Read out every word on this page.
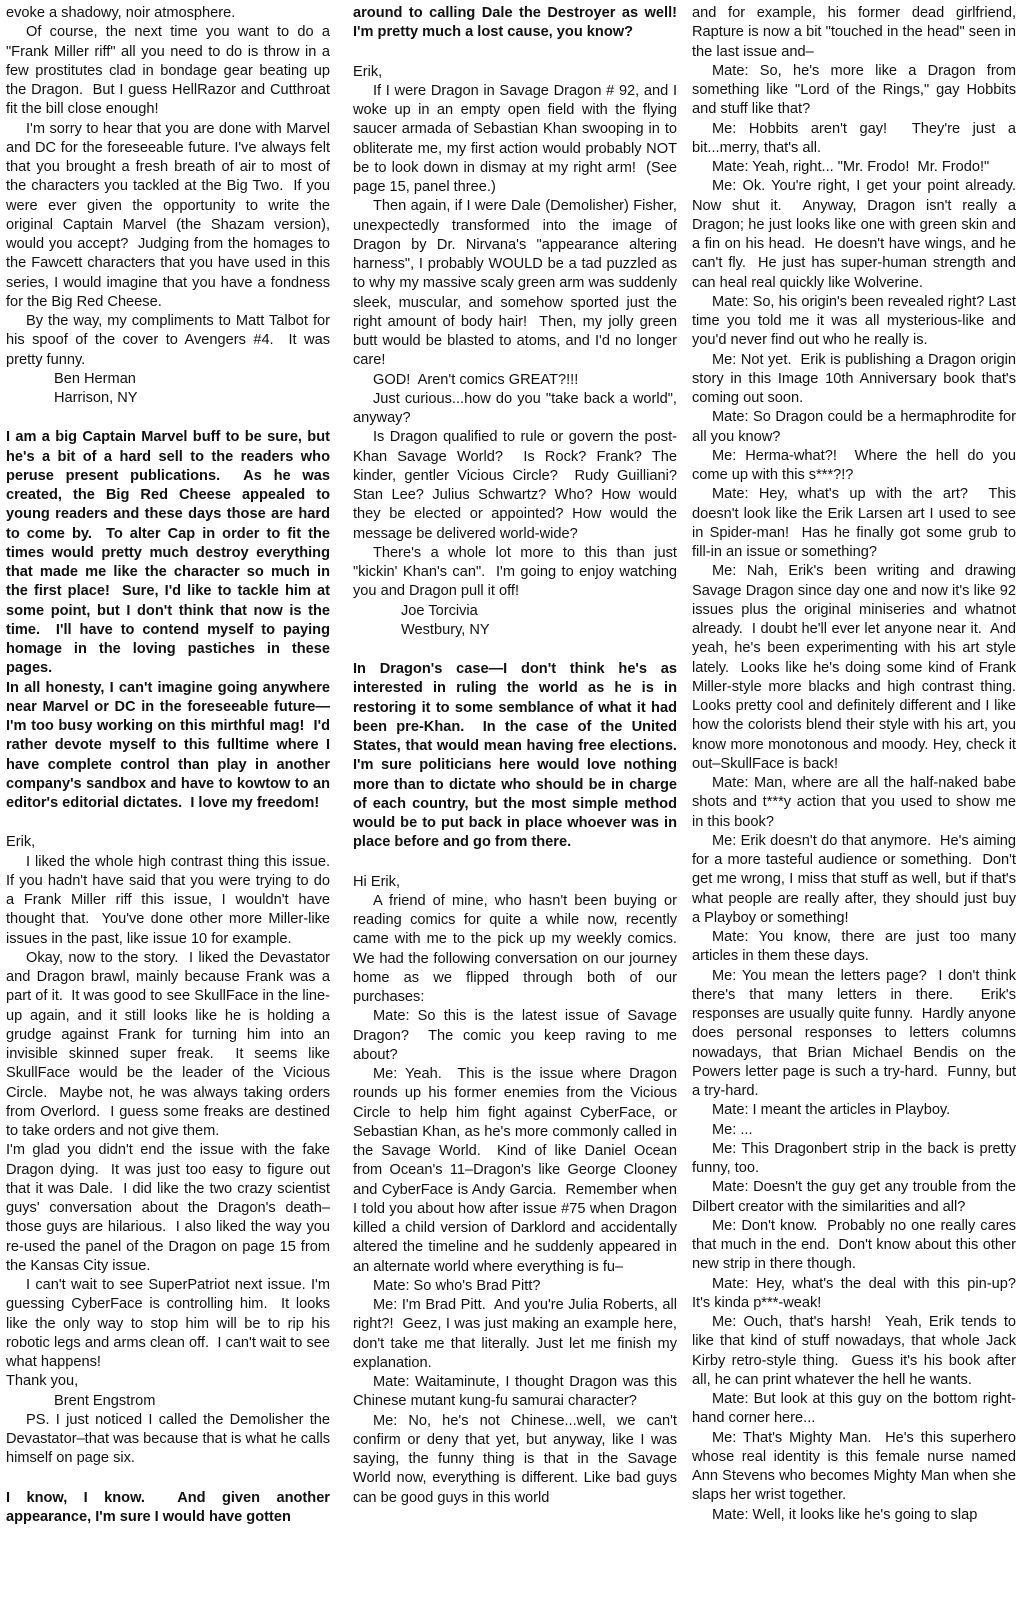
evoke a shadowy, noir atmosphere.

Of course, the next time you want to do a "Frank Miller riff" all you need to do is throw in a few prostitutes clad in bondage gear beating up the Dragon.  But I guess HellRazor and Cutthroat fit the bill close enough!

I'm sorry to hear that you are done with Marvel and DC for the foreseeable future. I've always felt that you brought a fresh breath of air to most of the characters you tackled at the Big Two.  If you were ever given the opportunity to write the original Captain Marvel (the Shazam version), would you accept?  Judging from the homages to the Fawcett characters that you have used in this series, I would imagine that you have a fondness for the Big Red Cheese.

By the way, my compliments to Matt Talbot for his spoof of the cover to Avengers #4.  It was pretty funny.

Ben Herman

Harrison, NY

I am a big Captain Marvel buff to be sure, but he's a bit of a hard sell to the readers who peruse present publications.  As he was created, the Big Red Cheese appealed to young readers and these days those are hard to come by.  To alter Cap in order to fit the times would pretty much destroy everything that made me like the character so much in the first place!  Sure, I'd like to tackle him at some point, but I don't think that now is the time.  I'll have to contend myself to paying homage in the loving pastiches in these pages.

In all honesty, I can't imagine going anywhere near Marvel or DC in the foreseeable future—I'm too busy working on this mirthful mag!  I'd rather devote myself to this fulltime where I have complete control than play in another company's sandbox and have to kowtow to an editor's editorial dictates.  I love my freedom!

Erik,

I liked the whole high contrast thing this issue.  If you hadn't have said that you were trying to do a Frank Miller riff this issue, I wouldn't have thought that.  You've done other more Miller-like issues in the past, like issue 10 for example.

Okay, now to the story.  I liked the Devastator and Dragon brawl, mainly because Frank was a part of it.  It was good to see SkullFace in the line-up again, and it still looks like he is holding a grudge against Frank for turning him into an invisible skinned super freak.  It seems like SkullFace would be the leader of the Vicious Circle.  Maybe not, he was always taking orders from Overlord.  I guess some freaks are destined to take orders and not give them.

I'm glad you didn't end the issue with the fake Dragon dying.  It was just too easy to figure out that it was Dale.  I did like the two crazy scientist guys' conversation about the Dragon's death–those guys are hilarious.  I also liked the way you re-used the panel of the Dragon on page 15 from the Kansas City issue.

I can't wait to see SuperPatriot next issue. I'm guessing CyberFace is controlling him.  It looks like the only way to stop him will be to rip his robotic legs and arms clean off.  I can't wait to see what happens!

Thank you,

Brent Engstrom

PS. I just noticed I called the Demolisher the Devastator–that was because that is what he calls himself on page six.

I know, I know.  And given another appearance, I'm sure I would have gotten

around to calling Dale the Destroyer as well! I'm pretty much a lost cause, you know?

Erik,

If I were Dragon in Savage Dragon # 92, and I woke up in an empty open field with the flying saucer armada of Sebastian Khan swooping in to obliterate me, my first action would probably NOT be to look down in dismay at my right arm!  (See page 15, panel three.)

Then again, if I were Dale (Demolisher) Fisher, unexpectedly transformed into the image of Dragon by Dr. Nirvana's "appearance altering harness", I probably WOULD be a tad puzzled as to why my massive scaly green arm was suddenly sleek, muscular, and somehow sported just the right amount of body hair!  Then, my jolly green butt would be blasted to atoms, and I'd no longer care!

GOD!  Aren't comics GREAT?!!!

Just curious...how do you "take back a world", anyway?

Is Dragon qualified to rule or govern the post-Khan Savage World?  Is Rock? Frank? The kinder, gentler Vicious Circle?  Rudy Guilliani? Stan Lee? Julius Schwartz? Who? How would they be elected or appointed? How would the message be delivered world-wide?

There's a whole lot more to this than just "kickin' Khan's can".  I'm going to enjoy watching you and Dragon pull it off!

Joe Torcivia

Westbury, NY

In Dragon's case—I don't think he's as interested in ruling the world as he is in restoring it to some semblance of what it had been pre-Khan.  In the case of the United States, that would mean having free elections.  I'm sure politicians here would love nothing more than to dictate who should be in charge of each country, but the most simple method would be to put back in place whoever was in place before and go from there.

Hi Erik,

A friend of mine, who hasn't been buying or reading comics for quite a while now, recently came with me to the pick up my weekly comics.  We had the following conversation on our journey home as we flipped through both of our purchases:

Mate: So this is the latest issue of Savage Dragon?  The comic you keep raving to me about?

Me: Yeah.  This is the issue where Dragon rounds up his former enemies from the Vicious Circle to help him fight against CyberFace, or Sebastian Khan, as he's more commonly called in the Savage World.  Kind of like Daniel Ocean from Ocean's 11–Dragon's like George Clooney and CyberFace is Andy Garcia.  Remember when I told you about how after issue #75 when Dragon killed a child version of Darklord and accidentally altered the timeline and he suddenly appeared in an alternate world where everything is fu–

Mate: So who's Brad Pitt?

Me: I'm Brad Pitt.  And you're Julia Roberts, all right?!  Geez, I was just making an example here, don't take me that literally. Just let me finish my explanation.

Mate: Waitaminute, I thought Dragon was this Chinese mutant kung-fu samurai character?

Me: No, he's not Chinese...well, we can't confirm or deny that yet, but anyway, like I was saying, the funny thing is that in the Savage World now, everything is different. Like bad guys can be good guys in this world

and for example, his former dead girlfriend, Rapture is now a bit "touched in the head" seen in the last issue and–

Mate: So, he's more like a Dragon from something like "Lord of the Rings," gay Hobbits and stuff like that?

Me: Hobbits aren't gay!  They're just a bit...merry, that's all.

Mate: Yeah, right... "Mr. Frodo!  Mr. Frodo!"

Me: Ok. You're right, I get your point already. Now shut it.  Anyway, Dragon isn't really a Dragon; he just looks like one with green skin and a fin on his head.  He doesn't have wings, and he can't fly.  He just has super-human strength and can heal real quickly like Wolverine.

Mate: So, his origin's been revealed right? Last time you told me it was all mysterious-like and you'd never find out who he really is.

Me: Not yet.  Erik is publishing a Dragon origin story in this Image 10th Anniversary book that's coming out soon.

Mate: So Dragon could be a hermaphrodite for all you know?

Me: Herma-what?!  Where the hell do you come up with this s***?!?

Mate: Hey, what's up with the art?  This doesn't look like the Erik Larsen art I used to see in Spider-man!  Has he finally got some grub to fill-in an issue or something?

Me: Nah, Erik's been writing and drawing Savage Dragon since day one and now it's like 92 issues plus the original miniseries and whatnot already.  I doubt he'll ever let anyone near it.  And yeah, he's been experimenting with his art style lately.  Looks like he's doing some kind of Frank Miller-style more blacks and high contrast thing.  Looks pretty cool and definitely different and I like how the colorists blend their style with his art, you know more monotonous and moody. Hey, check it out–SkullFace is back!

Mate: Man, where are all the half-naked babe shots and t***y action that you used to show me in this book?

Me: Erik doesn't do that anymore.  He's aiming for a more tasteful audience or something.  Don't get me wrong, I miss that stuff as well, but if that's what people are really after, they should just buy a Playboy or something!

Mate: You know, there are just too many articles in them these days.

Me: You mean the letters page?  I don't think there's that many letters in there.  Erik's responses are usually quite funny.  Hardly anyone does personal responses to letters columns nowadays, that Brian Michael Bendis on the Powers letter page is such a try-hard.  Funny, but a try-hard.

Mate: I meant the articles in Playboy.

Me: ...

Me: This Dragonbert strip in the back is pretty funny, too.

Mate: Doesn't the guy get any trouble from the Dilbert creator with the similarities and all?

Me: Don't know.  Probably no one really cares that much in the end.  Don't know about this other new strip in there though.

Mate: Hey, what's the deal with this pin-up?  It's kinda p***-weak!

Me: Ouch, that's harsh!  Yeah, Erik tends to like that kind of stuff nowadays, that whole Jack Kirby retro-style thing.  Guess it's his book after all, he can print whatever the hell he wants.

Mate: But look at this guy on the bottom right-hand corner here...

Me: That's Mighty Man.  He's this superhero whose real identity is this female nurse named Ann Stevens who becomes Mighty Man when she slaps her wrist together.

Mate: Well, it looks like he's going to slap
